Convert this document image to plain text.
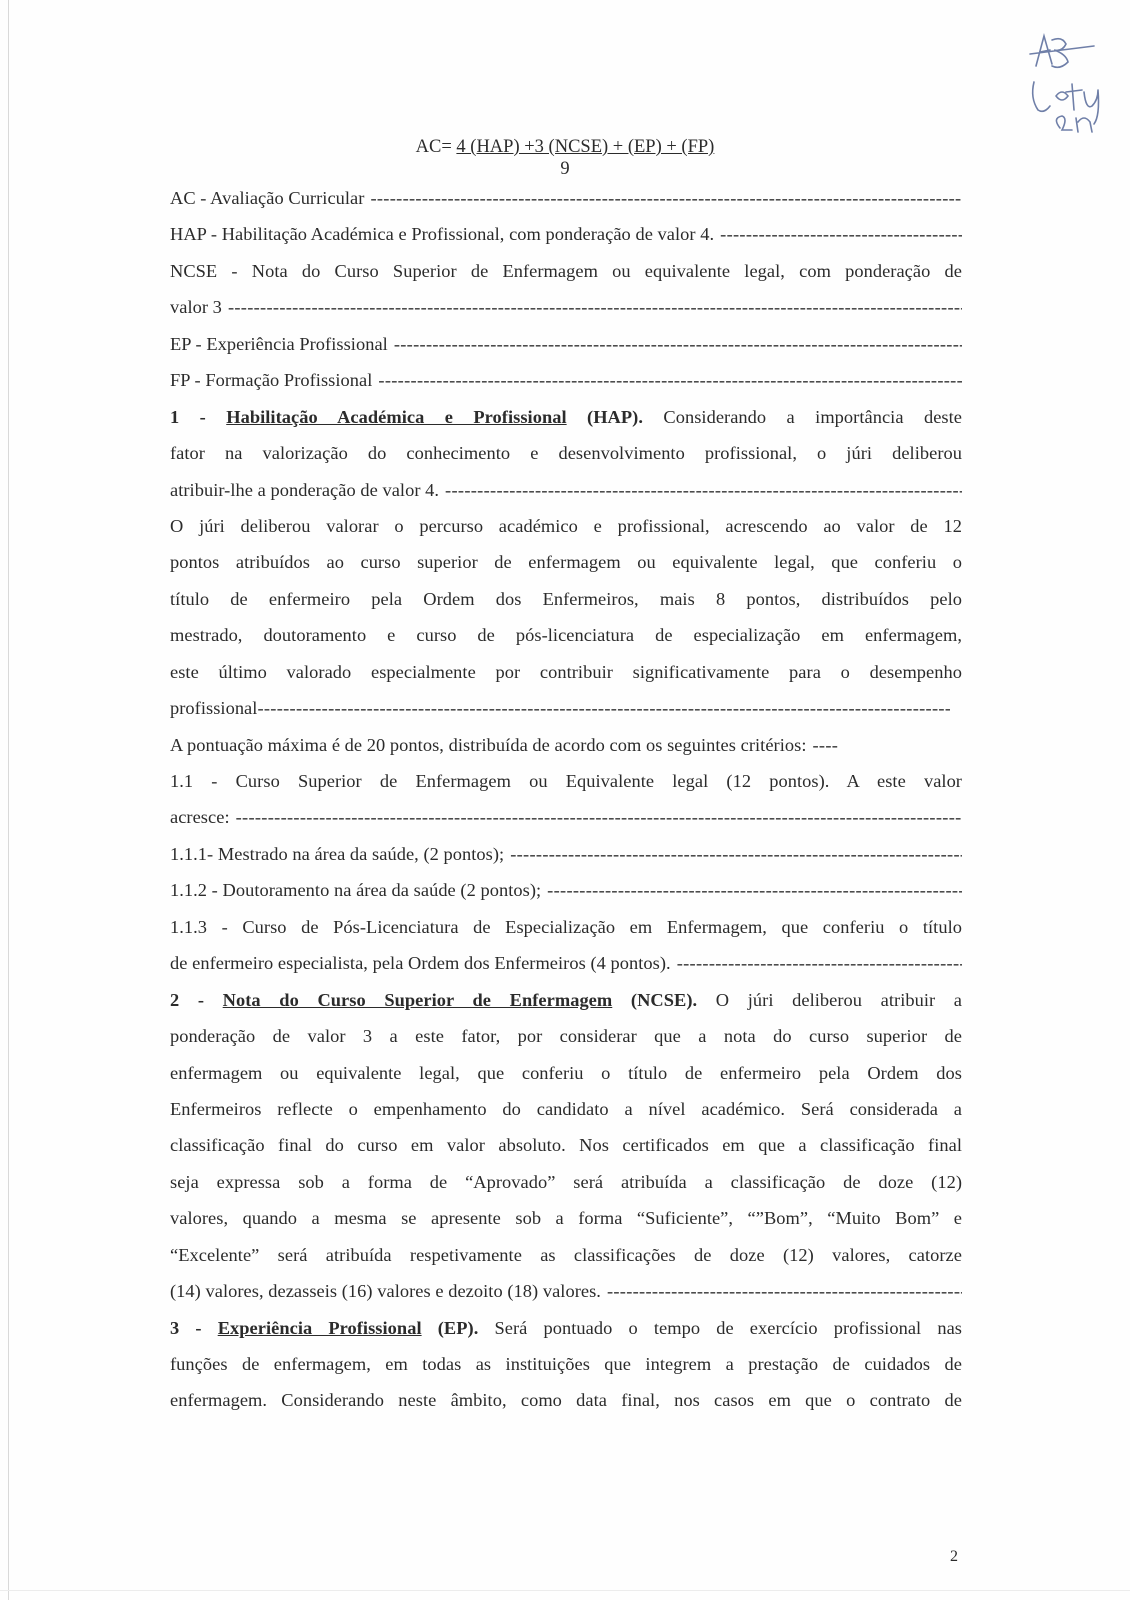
AC= 4 (HAP) +3 (NCSE) + (EP) + (FP)
9
AC - Avaliação Curricular
-----
HAP - Habilitação Académica e Profissional, com ponderação de valor 4.
-----
NCSE - Nota do Curso Superior de Enfermagem ou equivalente legal, com ponderação de
valor 3
-----
EP - Experiência Profissional
-----
FP - Formação Profissional
-----
1 - Habilitação Académica e Profissional (HAP). Considerando a importância deste
fator na valorização do conhecimento e desenvolvimento profissional, o júri deliberou
atribuir-lhe a ponderação de valor 4.
-----
O júri deliberou valorar o percurso académico e profissional, acrescendo ao valor de 12
pontos atribuídos ao curso superior de enfermagem ou equivalente legal, que conferiu o
título de enfermeiro pela Ordem dos Enfermeiros, mais 8 pontos, distribuídos pelo
mestrado, doutoramento e curso de pós-licenciatura de especialização em enfermagem,
este último valorado especialmente por contribuir significativamente para o desempenho
profissional
-----
A pontuação máxima é de 20 pontos, distribuída de acordo com os seguintes critérios: ----
1.1 - Curso Superior de Enfermagem ou Equivalente legal (12 pontos). A este valor
acresce:
-----
1.1.1- Mestrado na área da saúde, (2 pontos);
-----
1.1.2 - Doutoramento na área da saúde (2 pontos);
-----
1.1.3 - Curso de Pós-Licenciatura de Especialização em Enfermagem, que conferiu o título
de enfermeiro especialista, pela Ordem dos Enfermeiros (4 pontos).
-----
2 - Nota do Curso Superior de Enfermagem (NCSE). O júri deliberou atribuir a
ponderação de valor 3 a este fator, por considerar que a nota do curso superior de
enfermagem ou equivalente legal, que conferiu o título de enfermeiro pela Ordem dos
Enfermeiros reflecte o empenhamento do candidato a nível académico. Será considerada a
classificação final do curso em valor absoluto. Nos certificados em que a classificação final
seja expressa sob a forma de “Aprovado” será atribuída a classificação de doze (12)
valores, quando a mesma se apresente sob a forma “Suficiente”, “”Bom”, “Muito Bom” e
“Excelente” será atribuída respetivamente as classificações de doze (12) valores, catorze
(14) valores, dezasseis (16) valores e dezoito (18) valores.
-----
3 - Experiência Profissional (EP). Será pontuado o tempo de exercício profissional nas
funções de enfermagem, em todas as instituições que integrem a prestação de cuidados de
enfermagem. Considerando neste âmbito, como data final, nos casos em que o contrato de
2
